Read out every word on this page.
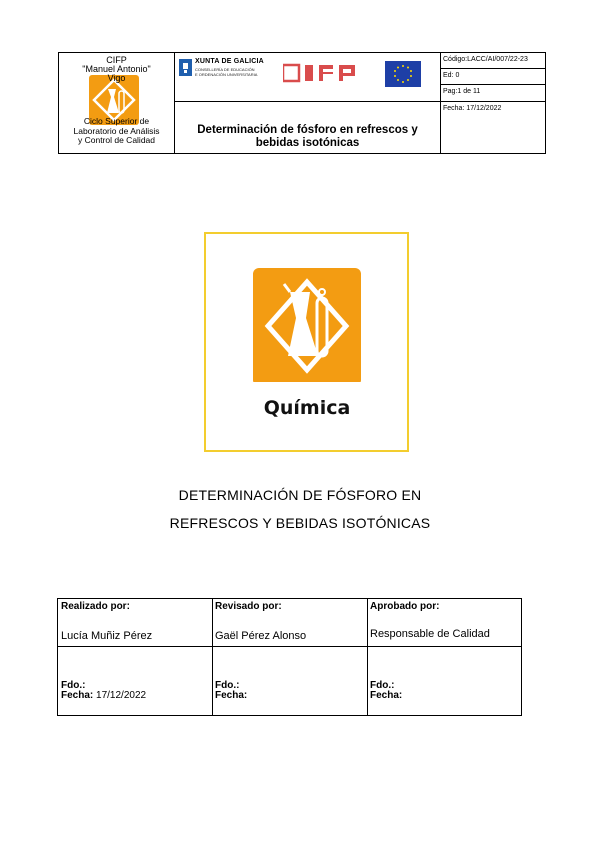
CIFP
"Manuel Antonio"
Vigo
Ciclo Superior de
Laboratorio de Análisis
y Control de Calidad
XUNTA DE GALICIA
CONSELLERÍA DE EDUCACIÓN
E ORDENACIÓN UNIVERSITARIA
Determinación de fósforo en refrescos y
bebidas isotónicas
Código:LACC/AI/007/22-23
Ed: 0
Pag:1 de 11
Fecha: 17/12/2022
Química
DETERMINACIÓN DE FÓSFORO EN
REFRESCOS Y BEBIDAS ISOTÓNICAS
Realizado por:
Lucía Muñiz Pérez
Fdo.:
Fecha: 17/12/2022
Revisado por:
Gaël Pérez Alonso
Fdo.:
Fecha:
Aprobado por:
Responsable de Calidad
Fdo.:
Fecha:
